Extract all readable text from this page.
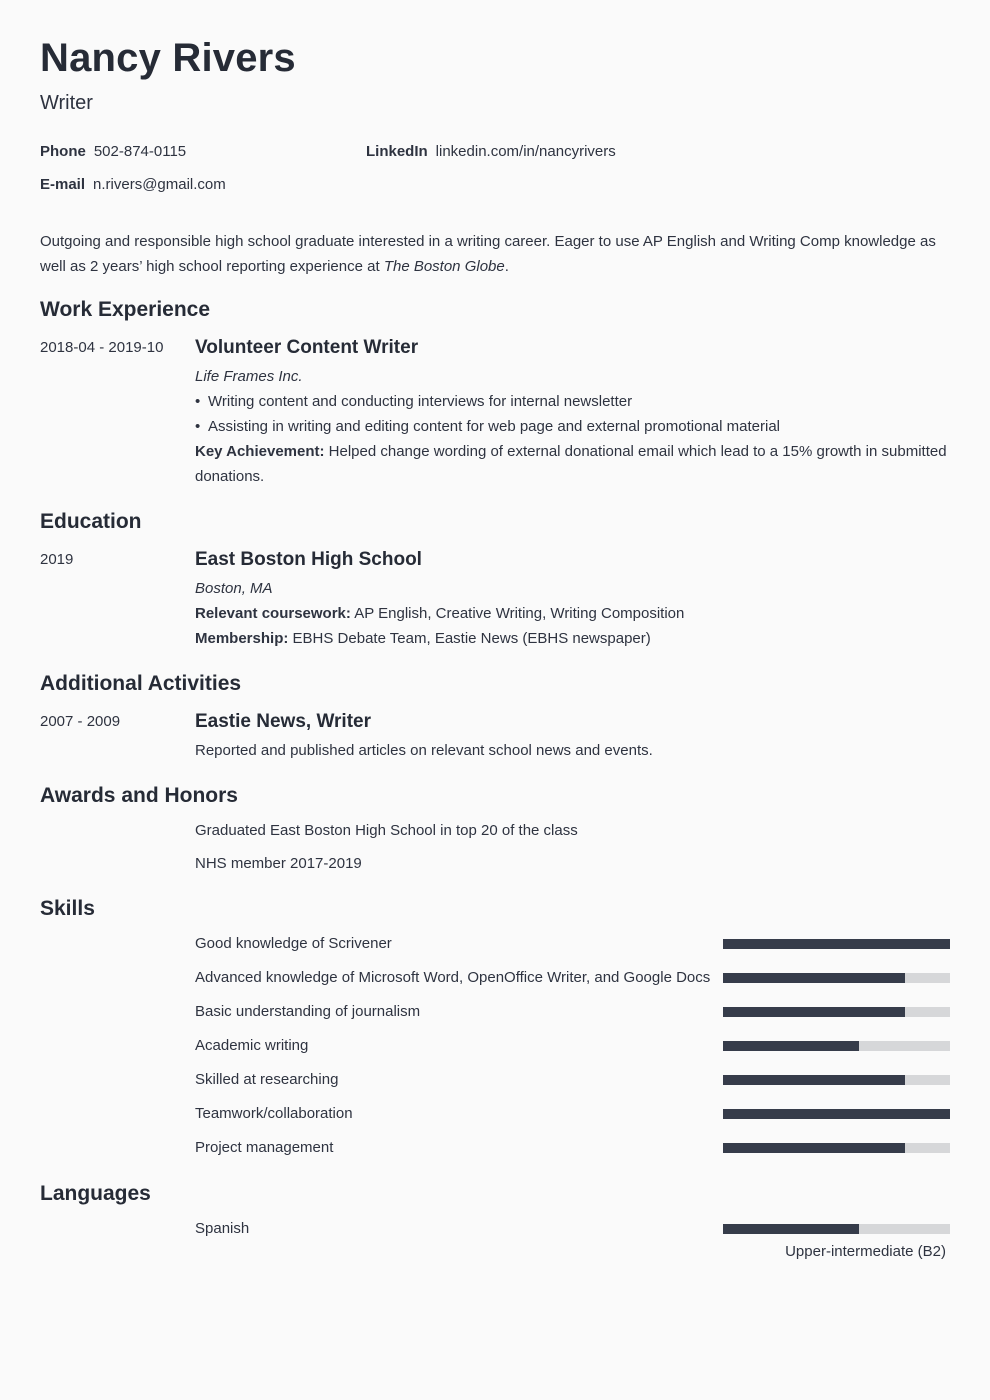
Nancy Rivers
Writer
Phone 502-874-0115	LinkedIn linkedin.com/in/nancyrivers
E-mail n.rivers@gmail.com
Outgoing and responsible high school graduate interested in a writing career. Eager to use AP English and Writing Comp knowledge as well as 2 years’ high school reporting experience at The Boston Globe.
Work Experience
2018-04 - 2019-10 Volunteer Content Writer
Life Frames Inc.
• Writing content and conducting interviews for internal newsletter
• Assisting in writing and editing content for web page and external promotional material
Key Achievement: Helped change wording of external donational email which lead to a 15% growth in submitted donations.
Education
2019	East Boston High School
Boston, MA
Relevant coursework: AP English, Creative Writing, Writing Composition
Membership: EBHS Debate Team, Eastie News (EBHS newspaper)
Additional Activities
2007 - 2009	Eastie News, Writer
Reported and published articles on relevant school news and events.
Awards and Honors
Graduated East Boston High School in top 20 of the class
NHS member 2017-2019
Skills
Good knowledge of Scrivener
Advanced knowledge of Microsoft Word, OpenOffice Writer, and Google Docs
Basic understanding of journalism
Academic writing
Skilled at researching
Teamwork/collaboration
Project management
Languages
Spanish
Upper-intermediate (B2)
